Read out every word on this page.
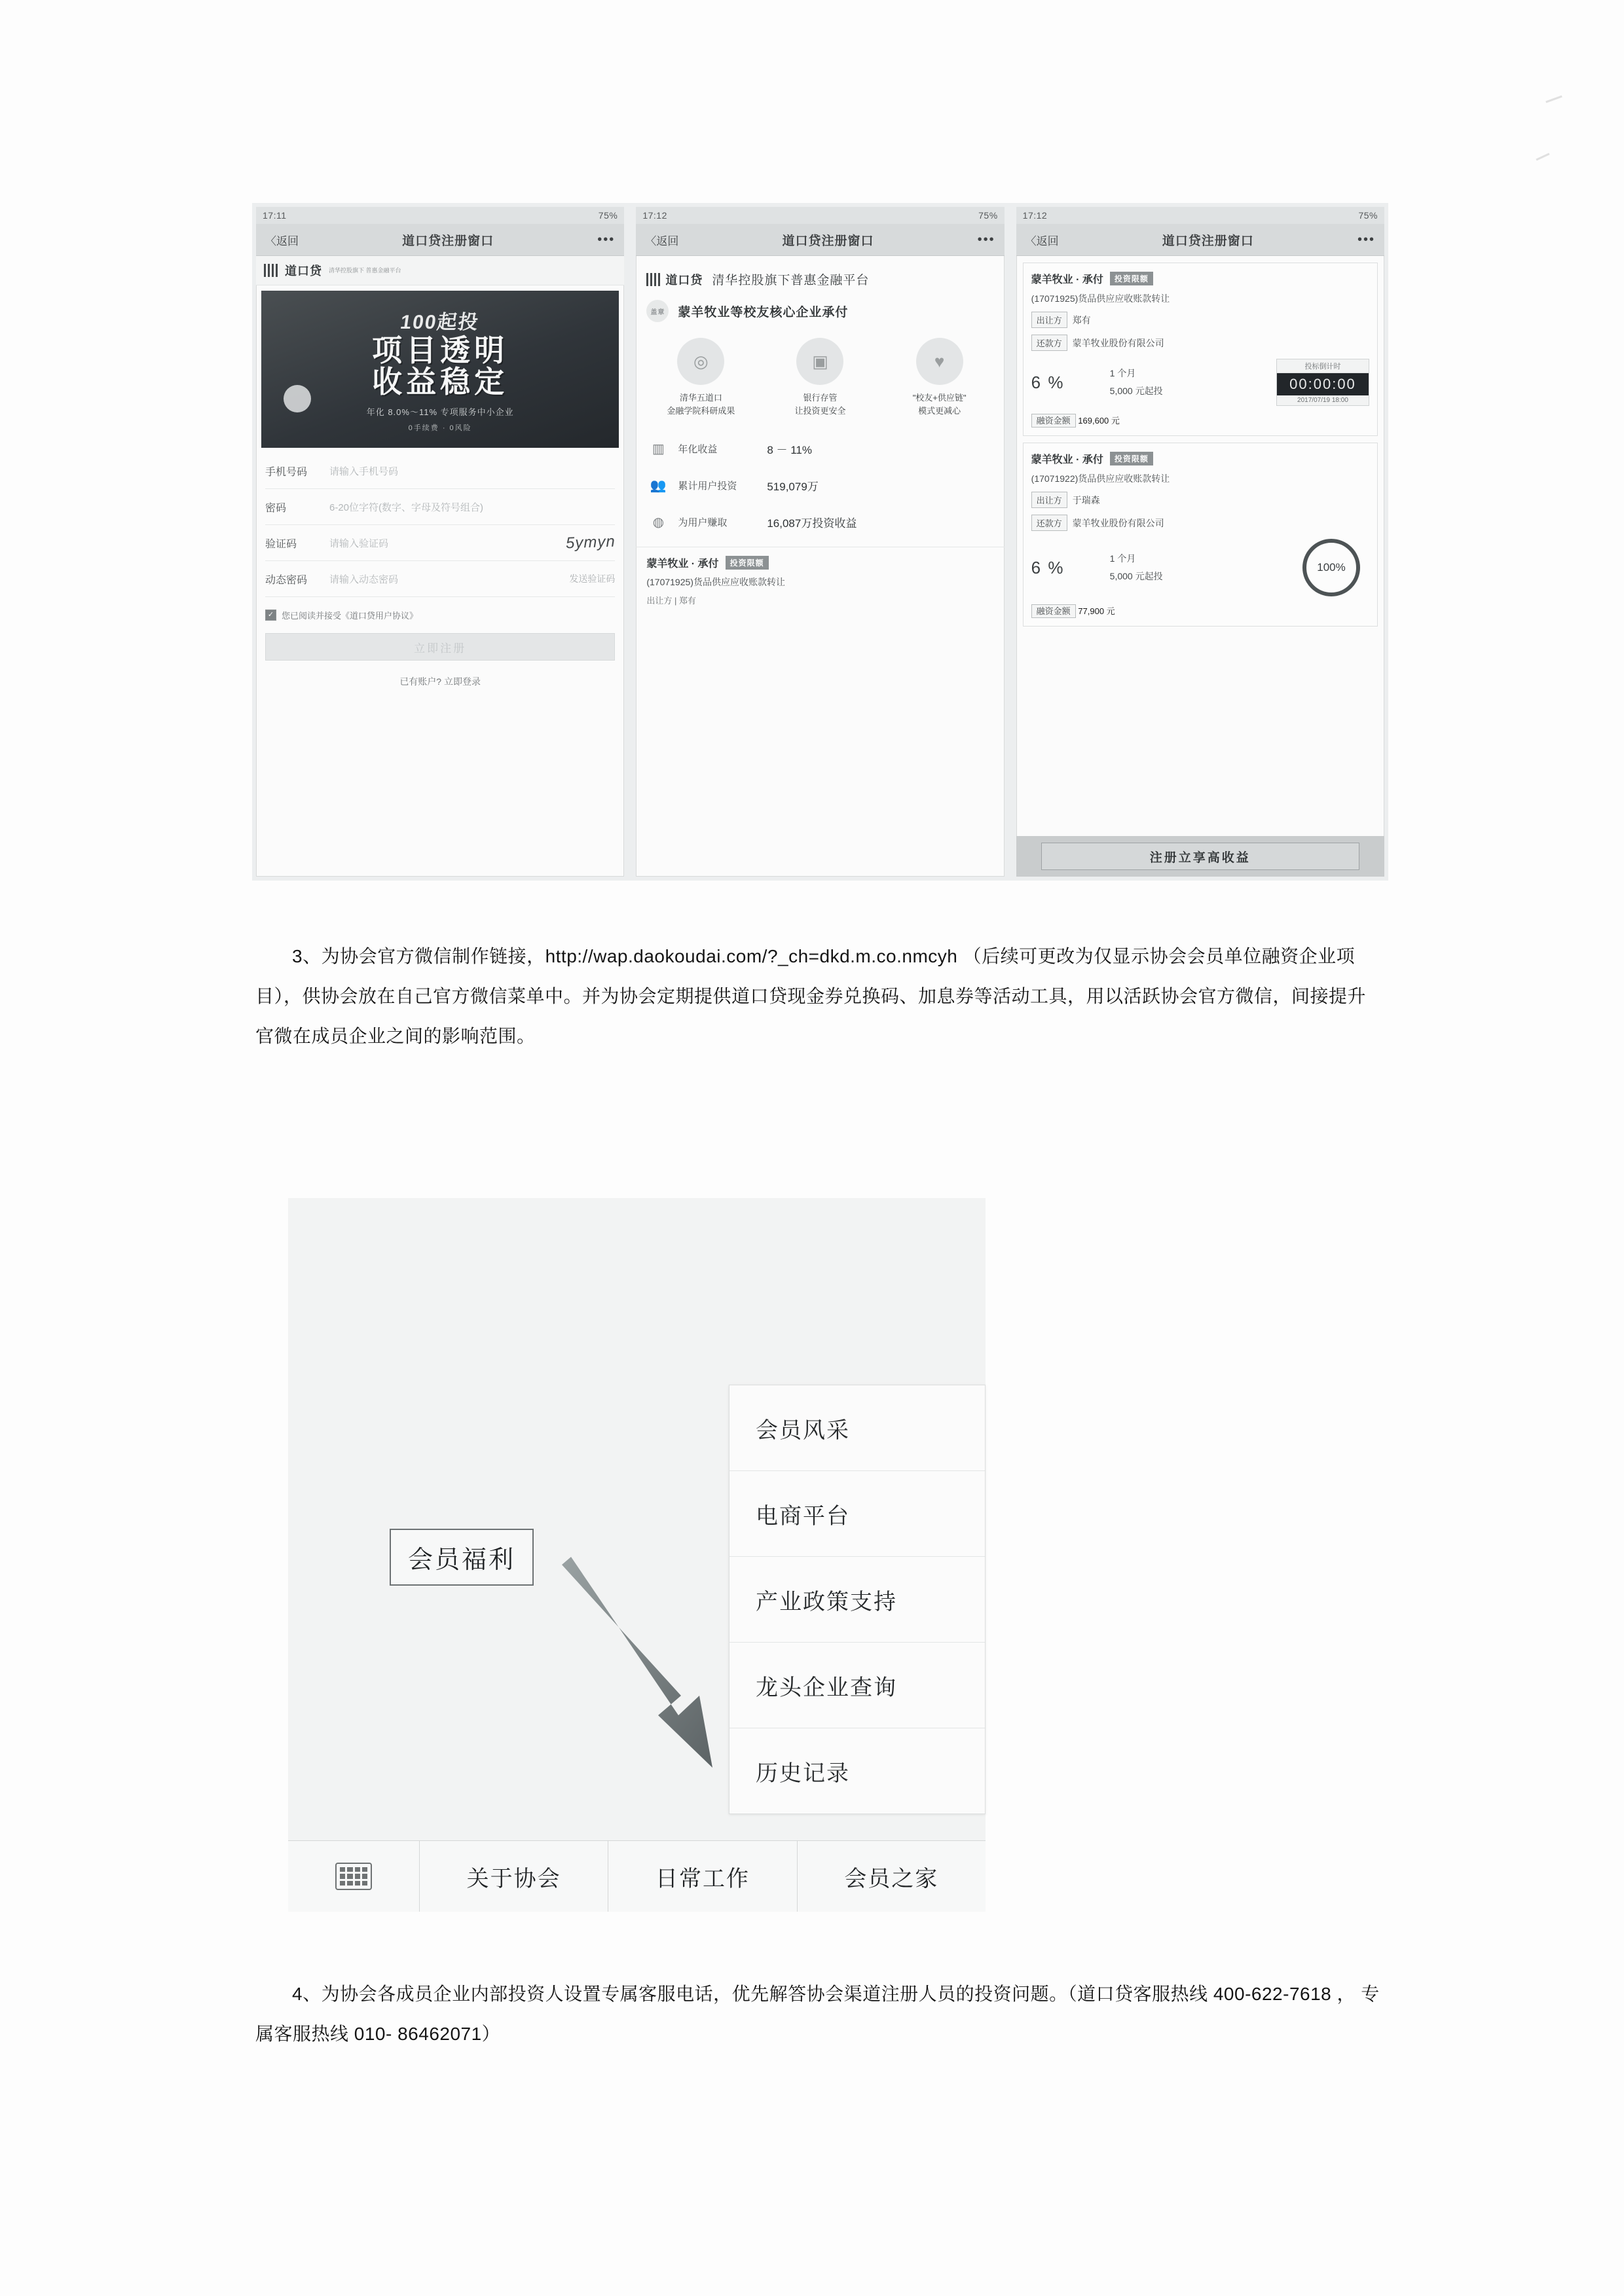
17:11	75%
〈返回	道口贷注册窗口	•••
道口贷 清华控股旗下 普惠金融平台
100起投
项目透明
收益稳定
年化 8.0%～11% 专项服务中小企业
0手续费 · 0风险
手机号码	请输入手机号码
密码	6-20位字符(数字、字母及符号组合)
验证码	请输入验证码	5ymyn
动态密码	请输入动态密码	发送验证码
✓ 您已阅读并接受《道口贷用户协议》
立即注册
已有账户? 立即登录
17:12	75%
〈返回	道口贷注册窗口	•••
道口贷 清华控股旗下普惠金融平台
盖章	蒙羊牧业等校友核心企业承付
◎
清华五道口
金融学院科研成果
▣
银行存管
让投资更安全
♥
"校友+供应链"
模式更减心
▥	年化收益	8 － 11%
👥 累计用户投资	519,079万
◍	为用户赚取	16,087万投资收益
蒙羊牧业 · 承付	投资限额
(17071925)货品供应应收账款转让
出让方 | 郑有
17:12	75%
〈返回	道口贷注册窗口	•••
蒙羊牧业 · 承付	投资限额
(17071925)货品供应应收账款转让
出让方	郑有
还款方	蒙羊牧业股份有限公司
6 %	1 个月
5,000 元起投
投标倒计时
00:00:00
2017/07/19 18:00
融资金额 169,600 元
蒙羊牧业 · 承付	投资限额
(17071922)货品供应应收账款转让
出让方	于瑞森
还款方	蒙羊牧业股份有限公司
6 %	1 个月
5,000 元起投
100%
融资金额 77,900 元
注册立享高收益
3、为协会官方微信制作链接，http://wap.daokoudai.com/?_ch=dkd.m.co.nmcyh （后续可更改为仅显示协会会员单位融资企业项目），供协会放在自己官方微信菜单中。并为协会定期提供道口贷现金券兑换码、加息券等活动工具，用以活跃协会官方微信，间接提升官微在成员企业之间的影响范围。
会员风采
电商平台
产业政策支持
龙头企业查询
历史记录
会员福利
关于协会	日常工作	会员之家
4、为协会各成员企业内部投资人设置专属客服电话，优先解答协会渠道注册人员的投资问题。（道口贷客服热线 400-622-7618 ， 专属客服热线 010- 86462071）
